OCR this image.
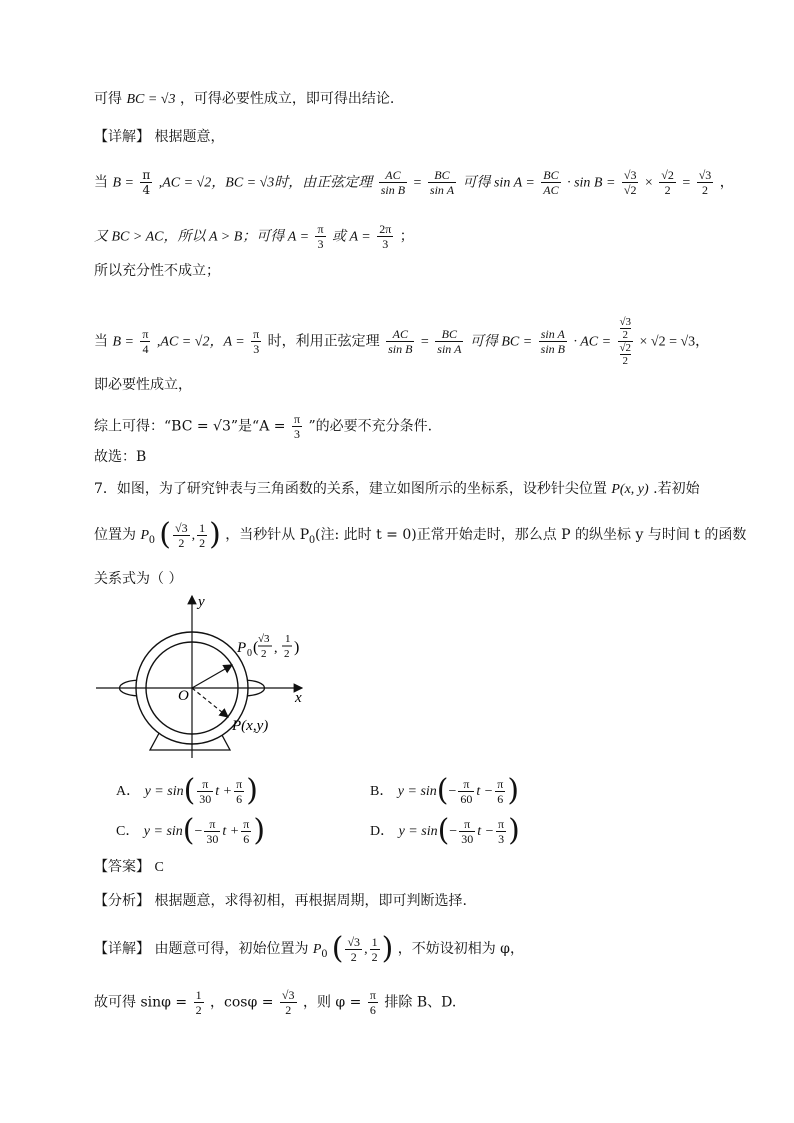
可得 BC = √3 ，可得必要性成立，即可得出结论.
【详解】 根据题意，
当 $B = \frac{\pi}{4} ,AC = √2$，BC = √3时，由正弦定理 $\frac{AC}{\text{sin B}} = \frac{BC}{\text{sin A}}$ 可得 $\sin A = \frac{BC}{AC} \cdot \sin B = \frac{√3}{√2} \times \frac{√2}{2} = \frac{√3}{2}$ ，
又 BC > AC，所以 A > B；可得 $A = \frac{\pi}{3}$ 或 $A = \frac{2\pi}{3}$ ；
所以充分性不成立；
当 $B = \frac{\pi}{4} ,AC = √2$，$A = \frac{\pi}{3}$ 时，利用正弦定理 $\frac{AC}{\text{sin B}} = \frac{BC}{\text{sin A}}$ 可得 BC = $\frac{\text{sin A}}{\text{sin B}}$ · AC = √3
2
√2
2 × √2 = √3，
即必要性成立，
综上可得：“BC = √3”是“$A = \frac{\pi}{3}$ ”的必要不充分条件.
故选：B
7．如图，为了研究钟表与三角函数的关系，建立如图所示的坐标系，设秒针尖位置 P(x, y) .若初始
位置为 $P_0$ ( $\frac{√3}{2}$ , $\frac{1}{2}$ ) ，当秒针从 $P_0$(注: 此时 t = 0)正常开始走时，那么点 P 的纵坐标 y 与时间 t 的函数
关系式为（ ）
y
x
O
P 0 ( √3
2 ,
1
2 )
P(x,y)
A． $y = \sin( \frac{\pi}{30}$ $t + \frac{\pi}{6}$ )	B． $y = \sin(- \frac{\pi}{60}$ $t - \frac{\pi}{6}$ )
C． $y = \sin(- \frac{\pi}{30}$ $t + \frac{\pi}{6}$ )	D． $y = \sin(- \frac{\pi}{30}$ $t - \frac{\pi}{3}$ )
【答案】 C
【分析】 根据题意，求得初相，再根据周期，即可判断选择.
【详解】 由题意可得，初始位置为 $P_0$ ( $\frac{√3}{2}$ , $\frac{1}{2}$ ) ，不妨设初相为 φ，
故可得 $\sin\varphi = \frac{1}{2}$ ，$\cos\varphi = \frac{√3}{2}$ ，则 $\varphi = \frac{\pi}{6}$ 排除 B、D.
